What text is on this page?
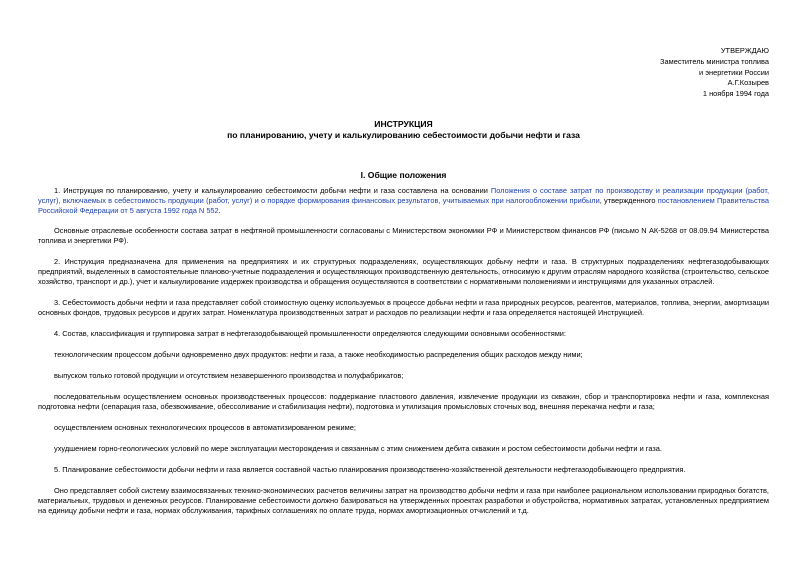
УТВЕРЖДАЮ
Заместитель министра топлива
и энергетики России
А.Г.Козырев
1 ноября 1994 года
ИНСТРУКЦИЯ
по планированию, учету и калькулированию себестоимости добычи нефти и газа
I. Общие положения

1. Инструкция по планированию, учету и калькулированию себестоимости добычи нефти и газа составлена на основании Положения о составе затрат по производству и реализации продукции (работ, услуг), включаемых в себестоимость продукции (работ, услуг) и о порядке формирования финансовых результатов, учитываемых при налогообложении прибыли, утвержденного постановлением Правительства Российской Федерации от 5 августа 1992 года N 552.

Основные отраслевые особенности состава затрат в нефтяной промышленности согласованы с Министерством экономики РФ и Министерством финансов РФ (письмо N АК-5268 от 08.09.94 Министерства топлива и энергетики РФ).

2. Инструкция предназначена для применения на предприятиях и их структурных подразделениях, осуществляющих добычу нефти и газа. В структурных подразделениях нефтегазодобывающих предприятий, выделенных в самостоятельные планово-учетные подразделения и осуществляющих производственную деятельность, относимую к другим отраслям народного хозяйства (строительство, сельское хозяйство, транспорт и др.), учет и калькулирование издержек производства и обращения осуществляются в соответствии с нормативными положениями и инструкциями для указанных отраслей.

3. Себестоимость добычи нефти и газа представляет собой стоимостную оценку используемых в процессе добычи нефти и газа природных ресурсов, реагентов, материалов, топлива, энергии, амортизации основных фондов, трудовых ресурсов и других затрат. Номенклатура производственных затрат и расходов по реализации нефти и газа определяется настоящей Инструкцией.

4. Состав, классификация и группировка затрат в нефтегазодобывающей промышленности определяются следующими основными особенностями:

технологическим процессом добычи одновременно двух продуктов: нефти и газа, а также необходимостью распределения общих расходов между ними;

выпуском только готовой продукции и отсутствием незавершенного производства и полуфабрикатов;

последовательным осуществлением основных производственных процессов: поддержание пластового давления, извлечение продукции из скважин, сбор и транспортировка нефти и газа, комплексная подготовка нефти (сепарация газа, обезвоживание, обессоливание и стабилизация нефти), подготовка и утилизация промысловых сточных вод, внешняя перекачка нефти и газа;

осуществлением основных технологических процессов в автоматизированном режиме;

ухудшением горно-геологических условий по мере эксплуатации месторождения и связанным с этим снижением дебита скважин и ростом себестоимости добычи нефти и газа.

5. Планирование себестоимости добычи нефти и газа является составной частью планирования производственно-хозяйственной деятельности нефтегазодобывающего предприятия.

Оно представляет собой систему взаимосвязанных технико-экономических расчетов величины затрат на производство добычи нефти и газа при наиболее рациональном использовании природных богатств, материальных, трудовых и денежных ресурсов. Планирование себестоимости должно базироваться на утвержденных проектах разработки и обустройства, нормативных затратах, установленных предприятием на единицу добычи нефти и газа, нормах обслуживания, тарифных соглашениях по оплате труда, нормах амортизационных отчислений и т.д.
